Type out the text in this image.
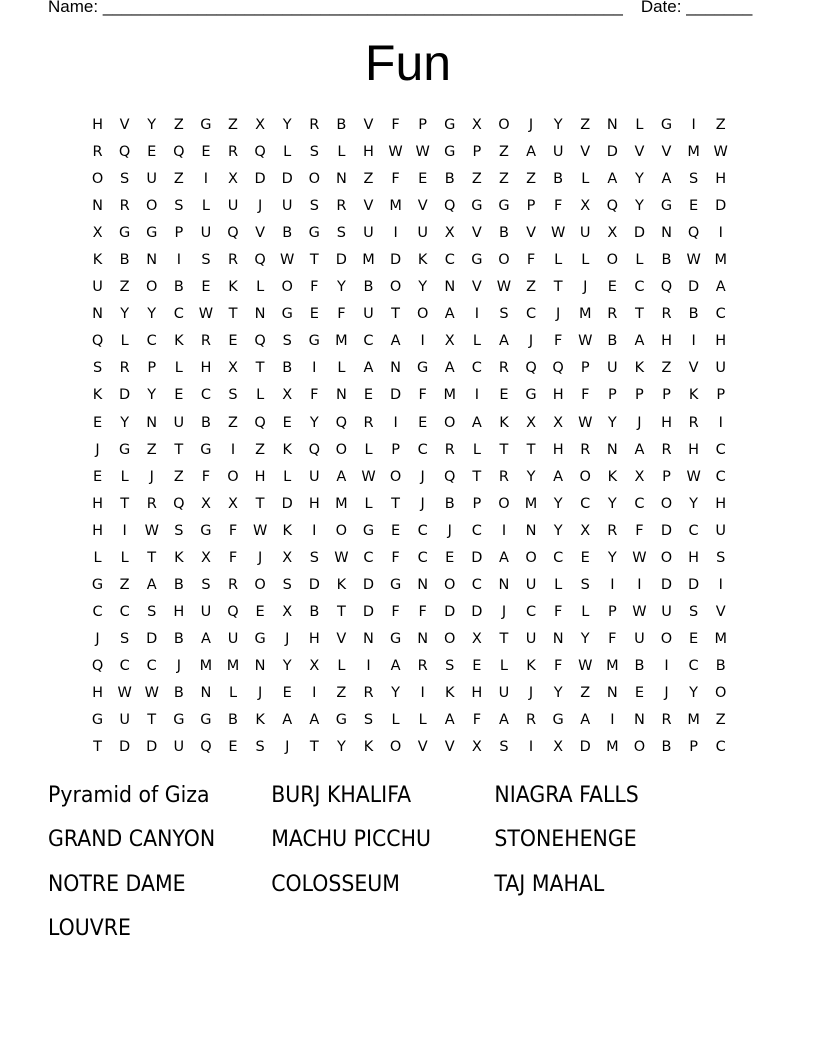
Name: _______________________________________________________ Date: _______
Fun
H	V	Y	Z	G	Z	X	Y	R	B	V	F	P	G	X	O	J	Y	Z	N	L	G	I	Z
R	Q	E	Q	E	R	Q	L	S	L	H W W G	P	Z	A	U	V	D	V	V	M W
O	S	U	Z	I	X	D	D	O	N	Z	F	E	B	Z	Z	Z	B	L	A	Y	A	S	H
N	R	O	S	L	U	J	U	S	R	V	M	V	Q	G	G	P	F	X	Q	Y	G	E	D
X	G	G	P	U	Q	V	B	G	S	U	I	U	X	V	B	V	W	U	X	D	N	Q	I
K	B	N	I	S	R	Q W	T	D	M	D	K	C	G	O	F	L	L	O	L	B	W M
U	Z	O	B	E	K	L	O	F	Y	B	O	Y	N	V	W	Z	T	J	E	C	Q	D	A
N	Y	Y	C	W	T	N	G	E	F	U	T	O	A	I	S	C	J	M	R	T	R	B	C
Q	L	C	K	R	E	Q	S	G	M	C	A	I	X	L	A	J	F	W	B	A	H	I	H
S	R	P	L	H	X	T	B	I	L	A	N	G	A	C	R	Q	Q	P	U	K	Z	V	U
K	D	Y	E	C	S	L	X	F	N	E	D	F	M	I	E	G	H	F	P	P	P	K	P
E	Y	N	U	B	Z	Q	E	Y	Q	R	I	E	O	A	K	X	X	W	Y	J	H	R	I
J	G	Z	T	G	I	Z	K	Q	O	L	P	C	R	L	T	T	H	R	N	A	R	H	C
E	L	J	Z	F	O	H	L	U	A	W O	J	Q	T	R	Y	A	O	K	X	P	W	C
H	T	R	Q	X	X	T	D	H	M	L	T	J	B	P	O	M	Y	C	Y	C	O	Y	H
H	I	W	S	G	F	W	K	I	O	G	E	C	J	C	I	N	Y	X	R	F	D	C	U
L	L	T	K	X	F	J	X	S	W	C	F	C	E	D	A	O	C	E	Y	W O	H	S
G	Z	A	B	S	R	O	S	D	K	D	G	N	O	C	N	U	L	S	I	I	D	D	I
C	C	S	H	U	Q	E	X	B	T	D	F	F	D	D	J	C	F	L	P	W	U	S	V
J	S	D	B	A	U	G	J	H	V	N	G	N	O	X	T	U	N	Y	F	U	O	E	M
Q	C	C	J	M	M	N	Y	X	L	I	A	R	S	E	L	K	F	W M	B	I	C	B
H W W	B	N	L	J	E	I	Z	R	Y	I	K	H	U	J	Y	Z	N	E	J	Y	O
G	U	T	G	G	B	K	A	A	G	S	L	L	A	F	A	R	G	A	I	N	R	M	Z
T	D	D	U	Q	E	S	J	T	Y	K	O	V	V	X	S	I	X	D	M	O	B	P	C
Pyramid of Giza	BURJ KHALIFA	NIAGRA FALLS
GRAND CANYON	MACHU PICCHU	STONEHENGE
NOTRE DAME	COLOSSEUM	TAJ MAHAL
LOUVRE
